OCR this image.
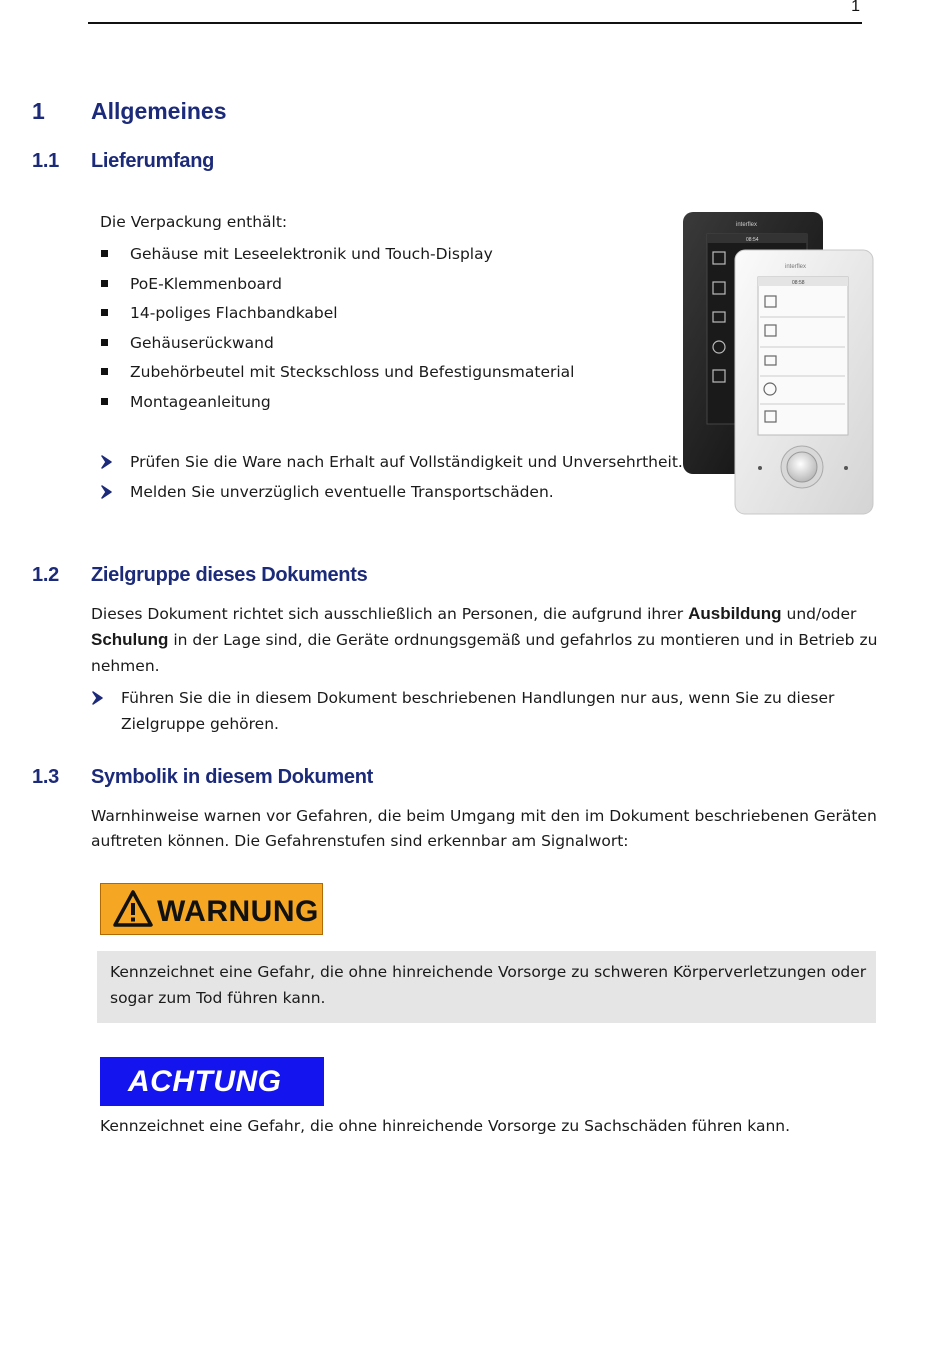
1
1 Allgemeines
1.1 Lieferumfang
Die Verpackung enthält:
Gehäuse mit Leseelektronik und Touch-Display
PoE-Klemmenboard
14-poliges Flachbandkabel
Gehäuserückwand
Zubehörbeutel mit Steckschloss und Befestigunsmaterial
Montageanleitung
Prüfen Sie die Ware nach Erhalt auf Vollständigkeit und Unversehrtheit.
Melden Sie unverzüglich eventuelle Transportschäden.
interflex
08:54
interflex
08:58
1.2 Zielgruppe dieses Dokuments
Dieses Dokument richtet sich ausschließlich an Personen, die aufgrund ihrer Ausbildung und/oder
Schulung in der Lage sind, die Geräte ordnungsgemäß und gefahrlos zu montieren und in Betrieb zu
nehmen.
Führen Sie die in diesem Dokument beschriebenen Handlungen nur aus, wenn Sie zu dieser
Zielgruppe gehören.
1.3 Symbolik in diesem Dokument
Warnhinweise warnen vor Gefahren, die beim Umgang mit den im Dokument beschriebenen Geräten
auftreten können. Die Gefahrenstufen sind erkennbar am Signalwort:
WARNUNG
Kennzeichnet eine Gefahr, die ohne hinreichende Vorsorge zu schweren Körperverletzungen oder
sogar zum Tod führen kann.
ACHTUNG
Kennzeichnet eine Gefahr, die ohne hinreichende Vorsorge zu Sachschäden führen kann.
